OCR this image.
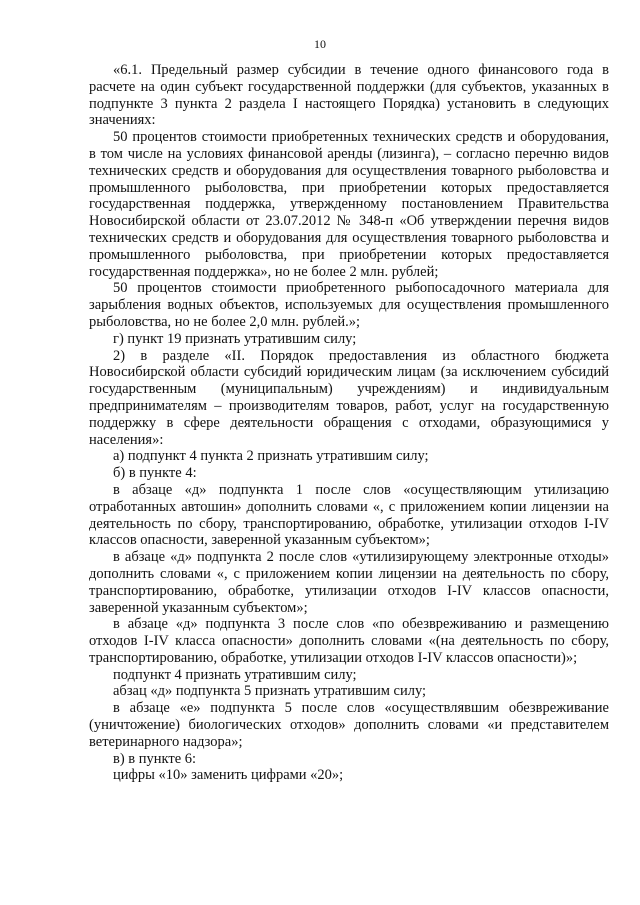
10

«6.1. Предельный размер субсидии в течение одного финансового года в расчете на один субъект государственной поддержки (для субъектов, указанных в подпункте 3 пункта 2 раздела I настоящего Порядка) установить в следующих значениях:

50 процентов стоимости приобретенных технических средств и оборудования, в том числе на условиях финансовой аренды (лизинга), – согласно перечню видов технических средств и оборудования для осуществления товарного рыболовства и промышленного рыболовства, при приобретении которых предоставляется государственная поддержка, утвержденному постановлением Правительства Новосибирской области от 23.07.2012 № 348-п «Об утверждении перечня видов технических средств и оборудования для осуществления товарного рыболовства и промышленного рыболовства, при приобретении которых предоставляется государственная поддержка», но не более 2 млн. рублей;

50 процентов стоимости приобретенного рыбопосадочного материала для зарыбления водных объектов, используемых для осуществления промышленного рыболовства, но не более 2,0 млн. рублей.»;

г) пункт 19 признать утратившим силу;

2) в разделе «II. Порядок предоставления из областного бюджета Новосибирской области субсидий юридическим лицам (за исключением субсидий государственным (муниципальным) учреждениям) и индивидуальным предпринимателям – производителям товаров, работ, услуг на государственную поддержку в сфере деятельности обращения с отходами, образующимися у населения»:

а) подпункт 4 пункта 2 признать утратившим силу;

б) в пункте 4:

в абзаце «д» подпункта 1 после слов «осуществляющим утилизацию отработанных автошин» дополнить словами «, с приложением копии лицензии на деятельность по сбору, транспортированию, обработке, утилизации отходов I-IV классов опасности, заверенной указанным субъектом»;

в абзаце «д» подпункта 2 после слов «утилизирующему электронные отходы» дополнить словами «, с приложением копии лицензии на деятельность по сбору, транспортированию, обработке, утилизации отходов I-IV классов опасности, заверенной указанным субъектом»;

в абзаце «д» подпункта 3 после слов «по обезвреживанию и размещению отходов I-IV класса опасности» дополнить словами «(на деятельность по сбору, транспортированию, обработке, утилизации отходов I-IV классов опасности)»;

подпункт 4 признать утратившим силу;

абзац «д» подпункта 5 признать утратившим силу;

в абзаце «е» подпункта 5 после слов «осуществлявшим обезвреживание (уничтожение) биологических отходов» дополнить словами «и представителем ветеринарного надзора»;

в) в пункте 6:

цифры «10» заменить цифрами «20»;
